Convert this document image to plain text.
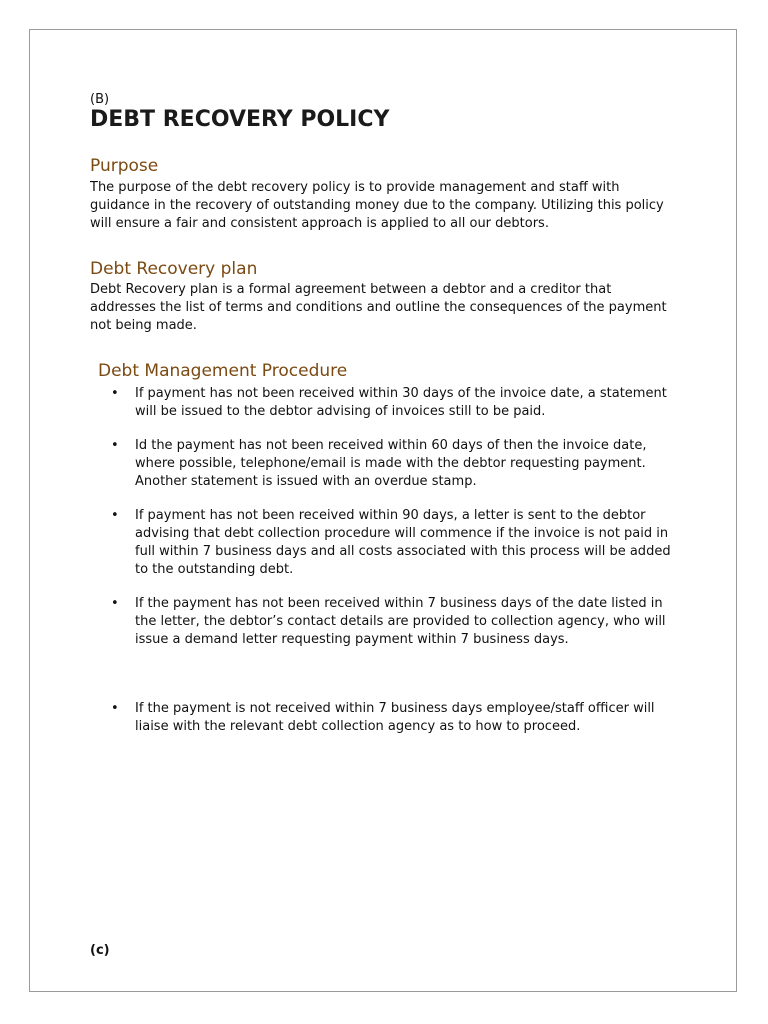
(B)
DEBT RECOVERY POLICY
Purpose

The purpose of the debt recovery policy is to provide management and staff with guidance in the recovery of outstanding money due to the company. Utilizing this policy will ensure a fair and consistent approach is applied to all our debtors.

Debt Recovery plan

Debt Recovery plan is a formal agreement between a debtor and a creditor that addresses the list of terms and conditions and outline the consequences of the payment not being made.

Debt Management Procedure
• If payment has not been received within 30 days of the invoice date, a statement will be issued to the debtor advising of invoices still to be paid.
• Id the payment has not been received within 60 days of then the invoice date, where possible, telephone/email is made with the debtor requesting payment. Another statement is issued with an overdue stamp.
• If payment has not been received within 90 days, a letter is sent to the debtor advising that debt collection procedure will commence if the invoice is not paid in full within 7 business days and all costs associated with this process will be added to the outstanding debt.
• If the payment has not been received within 7 business days of the date listed in the letter, the debtor’s contact details are provided to collection agency, who will issue a demand letter requesting payment within 7 business days.
• If the payment is not received within 7 business days employee/staff officer will liaise with the relevant debt collection agency as to how to proceed.
(c)
